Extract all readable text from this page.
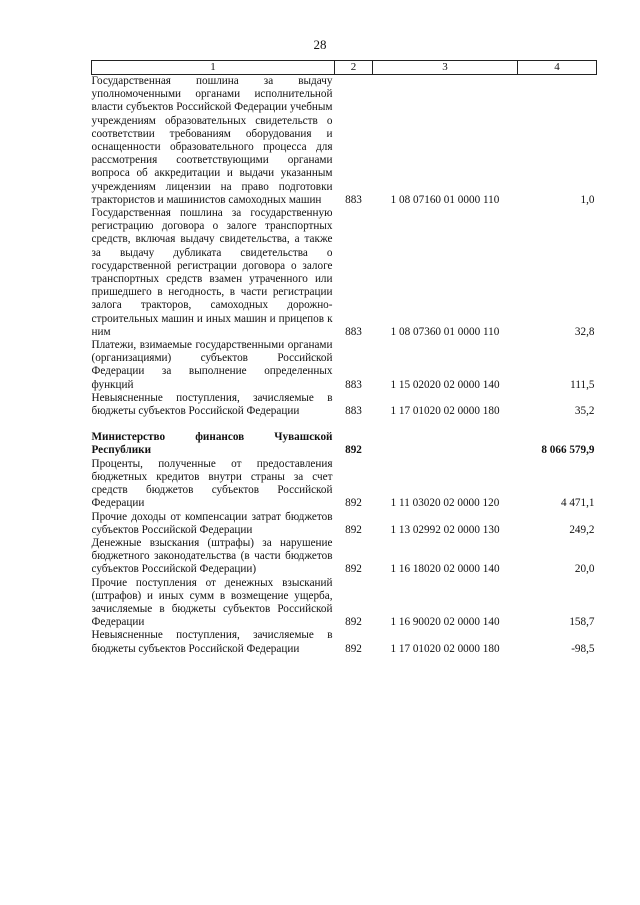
28
1	2	3	4
Государственная пошлина за выдачу уполномоченными органами исполнительной власти субъектов Российской Федерации учебным учреждениям образовательных свидетельств о соответствии требованиям оборудования и оснащенности образовательного процесса для рассмотрения соответствующими органами вопроса об аккредитации и выдачи указанным учреждениям лицензии на право подготовки трактористов и машинистов самоходных машин	883	1 08 07160 01 0000 110	1,0
Государственная пошлина за государственную регистрацию договора о залоге транспортных средств, включая выдачу свидетельства, а также за выдачу дубликата свидетельства о государственной регистрации договора о залоге транспортных средств взамен утраченного или пришедшего в негодность, в части регистрации залога тракторов, самоходных дорожно-строительных машин и иных машин и прицепов к ним	883	1 08 07360 01 0000 110	32,8
Платежи, взимаемые государственными органами (организациями) субъектов Российской Федерации за выполнение определенных функций	883	1 15 02020 02 0000 140	111,5
Невыясненные поступления, зачисляемые в бюджеты субъектов Российской Федерации	883	1 17 01020 02 0000 180	35,2

Министерство финансов Чувашской Республики	892		8 066 579,9
Проценты, полученные от предоставления бюджетных кредитов внутри страны за счет средств бюджетов субъектов Российской Федерации	892	1 11 03020 02 0000 120	4 471,1
Прочие доходы от компенсации затрат бюджетов субъектов Российской Федерации	892	1 13 02992 02 0000 130	249,2
Денежные взыскания (штрафы) за нарушение бюджетного законодательства (в части бюджетов субъектов Российской Федерации)	892	1 16 18020 02 0000 140	20,0
Прочие поступления от денежных взысканий (штрафов) и иных сумм в возмещение ущерба, зачисляемые в бюджеты субъектов Российской Федерации	892	1 16 90020 02 0000 140	158,7
Невыясненные поступления, зачисляемые в бюджеты субъектов Российской Федерации	892	1 17 01020 02 0000 180	-98,5
